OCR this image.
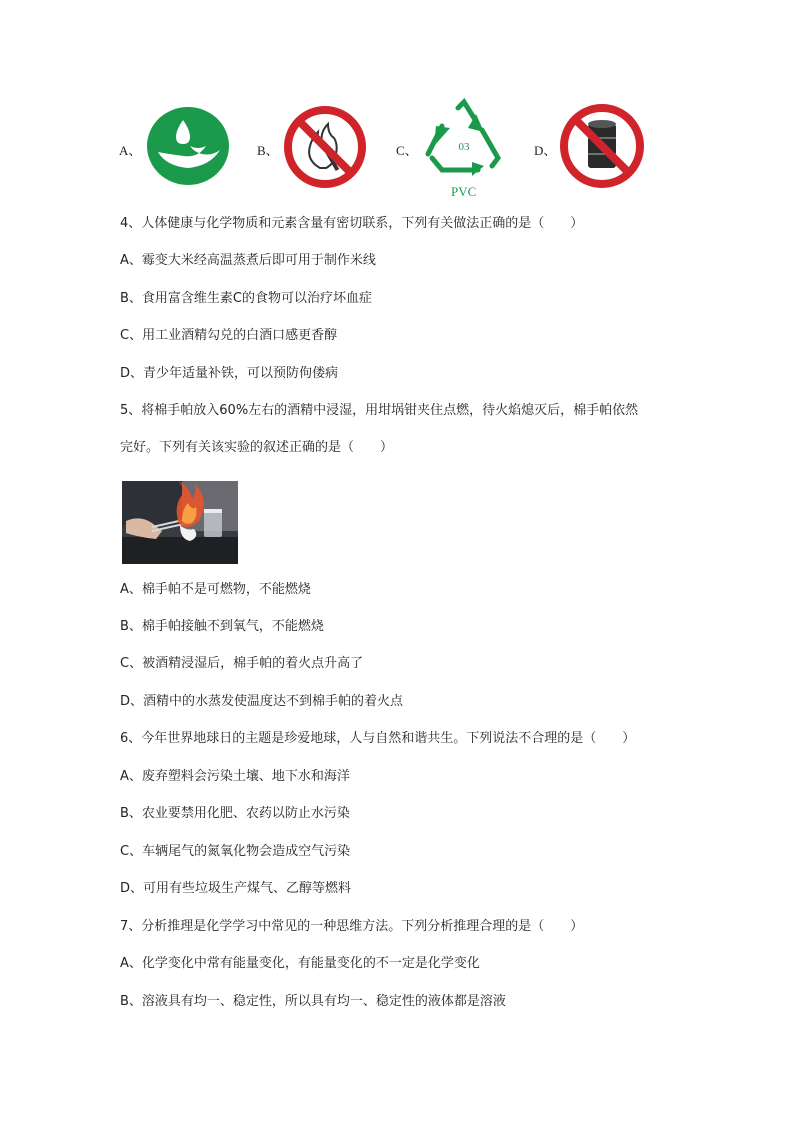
A、	B、	C、	03
PVC
D、
4、人体健康与化学物质和元素含量有密切联系，下列有关做法正确的是（　　）
A、霉变大米经高温蒸煮后即可用于制作米线
B、食用富含维生素C的食物可以治疗坏血症
C、用工业酒精勾兑的白酒口感更香醇
D、青少年适量补铁，可以预防佝偻病
5、将棉手帕放入60%左右的酒精中浸湿，用坩埚钳夹住点燃，待火焰熄灭后，棉手帕依然
完好。下列有关该实验的叙述正确的是（　　）
A、棉手帕不是可燃物，不能燃烧
B、棉手帕接触不到氧气，不能燃烧
C、被酒精浸湿后，棉手帕的着火点升高了
D、酒精中的水蒸发使温度达不到棉手帕的着火点
6、今年世界地球日的主题是珍爱地球，人与自然和谐共生。下列说法不合理的是（　　）
A、废弃塑料会污染土壤、地下水和海洋
B、农业要禁用化肥、农药以防止水污染
C、车辆尾气的氮氧化物会造成空气污染
D、可用有些垃圾生产煤气、乙醇等燃料
7、分析推理是化学学习中常见的一种思维方法。下列分析推理合理的是（　　）
A、化学变化中常有能量变化，有能量变化的不一定是化学变化
B、溶液具有均一、稳定性，所以具有均一、稳定性的液体都是溶液
